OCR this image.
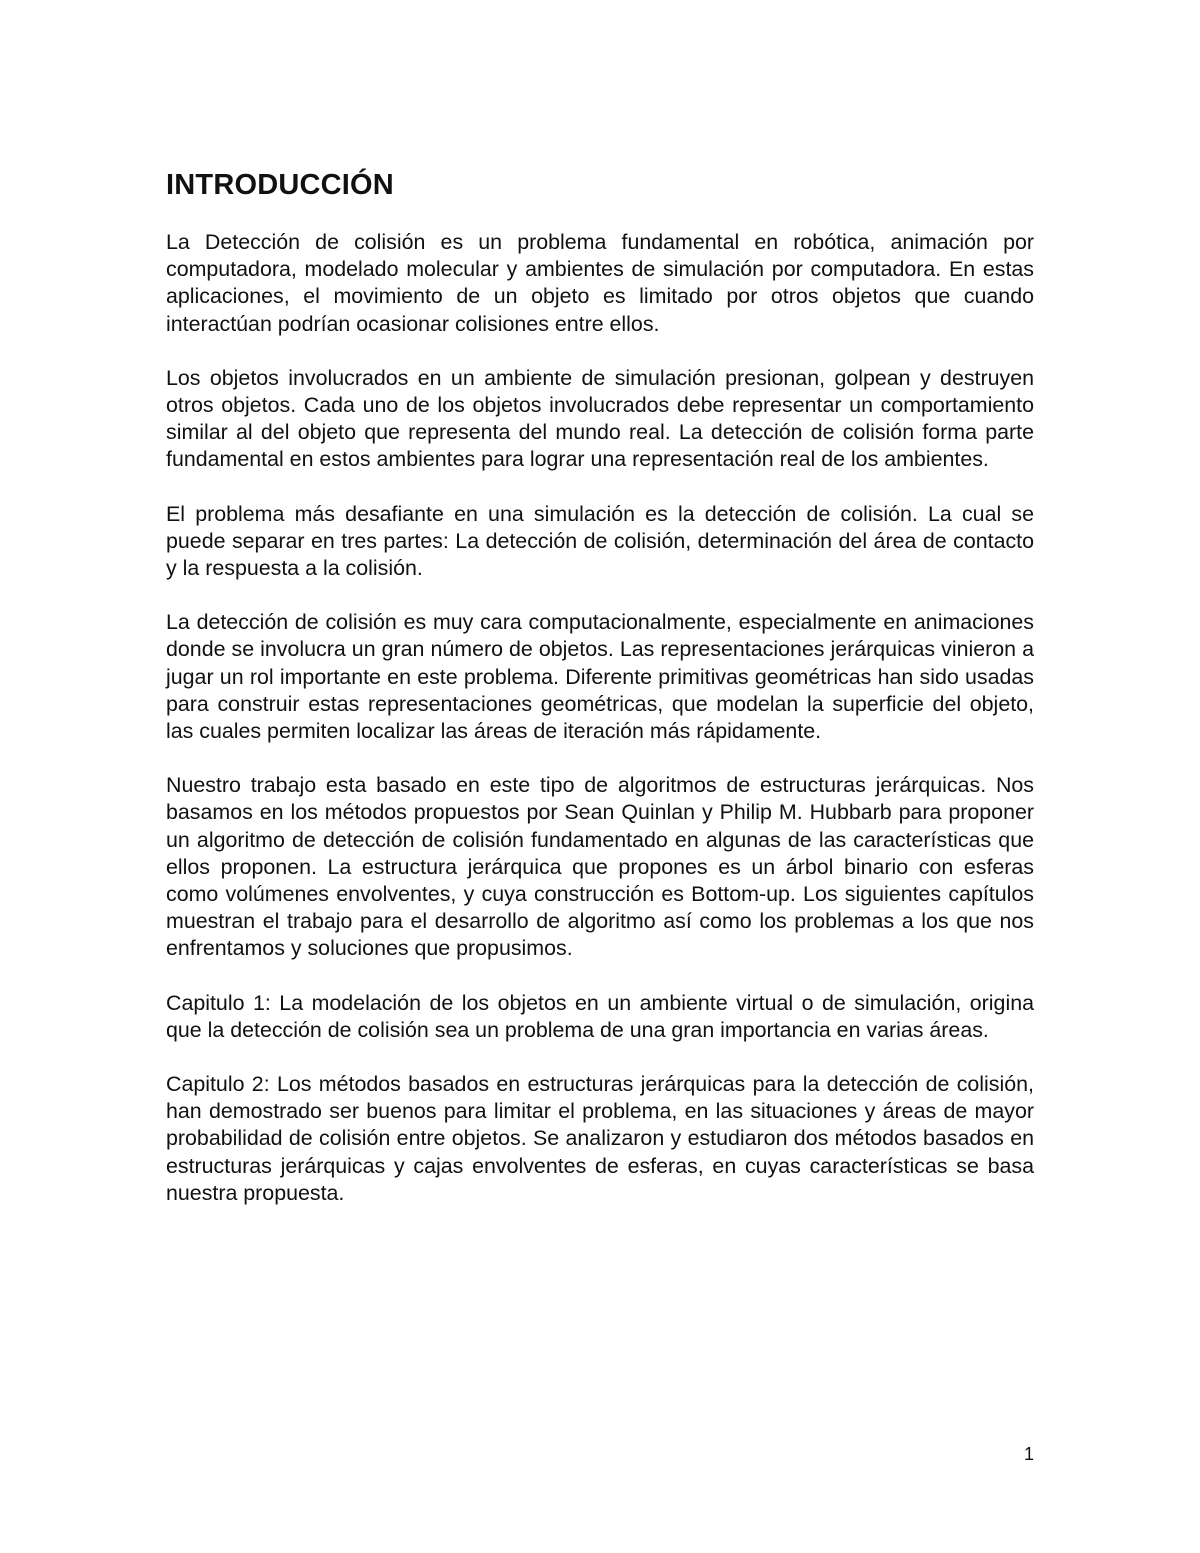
INTRODUCCIÓN

La Detección de colisión es un problema fundamental en robótica, animación por computadora, modelado molecular y ambientes de simulación por computadora. En estas aplicaciones, el movimiento de un objeto es limitado por otros objetos que cuando interactúan podrían ocasionar colisiones entre ellos.

Los objetos involucrados en un ambiente de simulación presionan, golpean y destruyen otros objetos. Cada uno de los objetos involucrados debe representar un comportamiento similar al del objeto que representa del mundo real. La detección de colisión forma parte fundamental en estos ambientes para lograr una representación real de los ambientes.

El problema más desafiante en una simulación es la detección de colisión. La cual se puede separar en tres partes: La detección de colisión, determinación del área de contacto y la respuesta a la colisión.

La detección de colisión es muy cara computacionalmente, especialmente en animaciones donde se involucra un gran número de objetos. Las representaciones jerárquicas vinieron a jugar un rol importante en este problema. Diferente primitivas geométricas han sido usadas para construir estas representaciones geométricas, que modelan la superficie del objeto, las cuales permiten localizar las áreas de iteración más rápidamente.

Nuestro trabajo esta basado en este tipo de algoritmos de estructuras jerárquicas. Nos basamos en los métodos propuestos por Sean Quinlan y Philip M. Hubbarb para proponer un algoritmo de detección de colisión fundamentado en algunas de las características que ellos proponen. La estructura jerárquica que propones es un árbol binario con esferas como volúmenes envolventes, y cuya construcción es Bottom-up. Los siguientes capítulos muestran el trabajo para el desarrollo de algoritmo así como los problemas a los que nos enfrentamos y soluciones que propusimos.

Capitulo 1: La modelación de los objetos en un ambiente virtual o de simulación, origina que la detección de colisión sea un problema de una gran importancia en varias áreas.

Capitulo 2: Los métodos basados en estructuras jerárquicas para la detección de colisión, han demostrado ser buenos para limitar el problema, en las situaciones y áreas de mayor probabilidad de colisión entre objetos. Se analizaron y estudiaron dos métodos basados en estructuras jerárquicas y cajas envolventes de esferas, en cuyas características se basa nuestra propuesta.

1
